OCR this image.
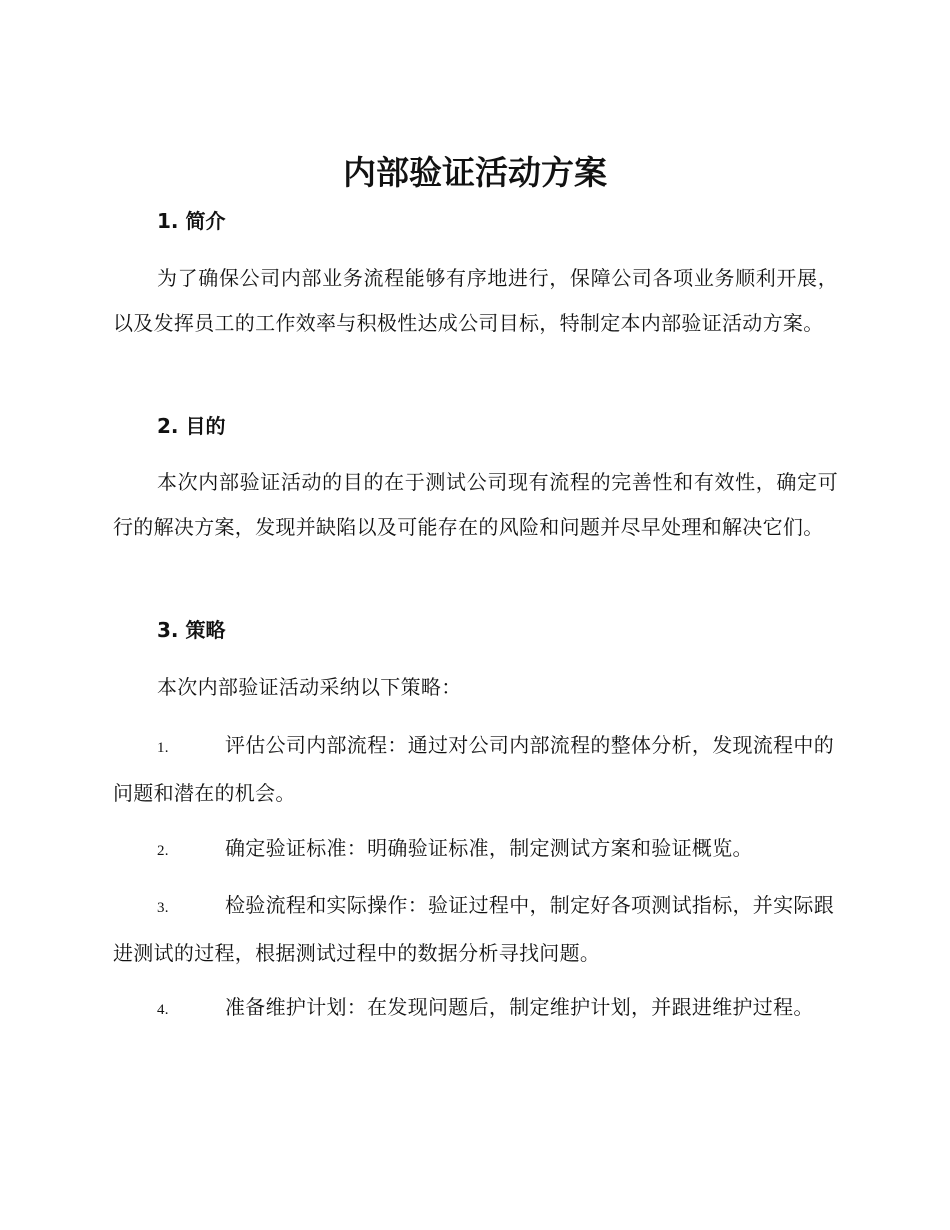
内部验证活动方案
1. 简介
为了确保公司内部业务流程能够有序地进行，保障公司各项业务顺利开展，以及发挥员工的工作效率与积极性达成公司目标，特制定本内部验证活动方案。
2. 目的
本次内部验证活动的目的在于测试公司现有流程的完善性和有效性，确定可行的解决方案，发现并缺陷以及可能存在的风险和问题并尽早处理和解决它们。
3. 策略
本次内部验证活动采纳以下策略：
1.	评估公司内部流程：通过对公司内部流程的整体分析，发现流程中的问题和潜在的机会。
2.	确定验证标准：明确验证标准，制定测试方案和验证概览。
3.	检验流程和实际操作：验证过程中，制定好各项测试指标，并实际跟进测试的过程，根据测试过程中的数据分析寻找问题。
4.	准备维护计划：在发现问题后，制定维护计划，并跟进维护过程。
